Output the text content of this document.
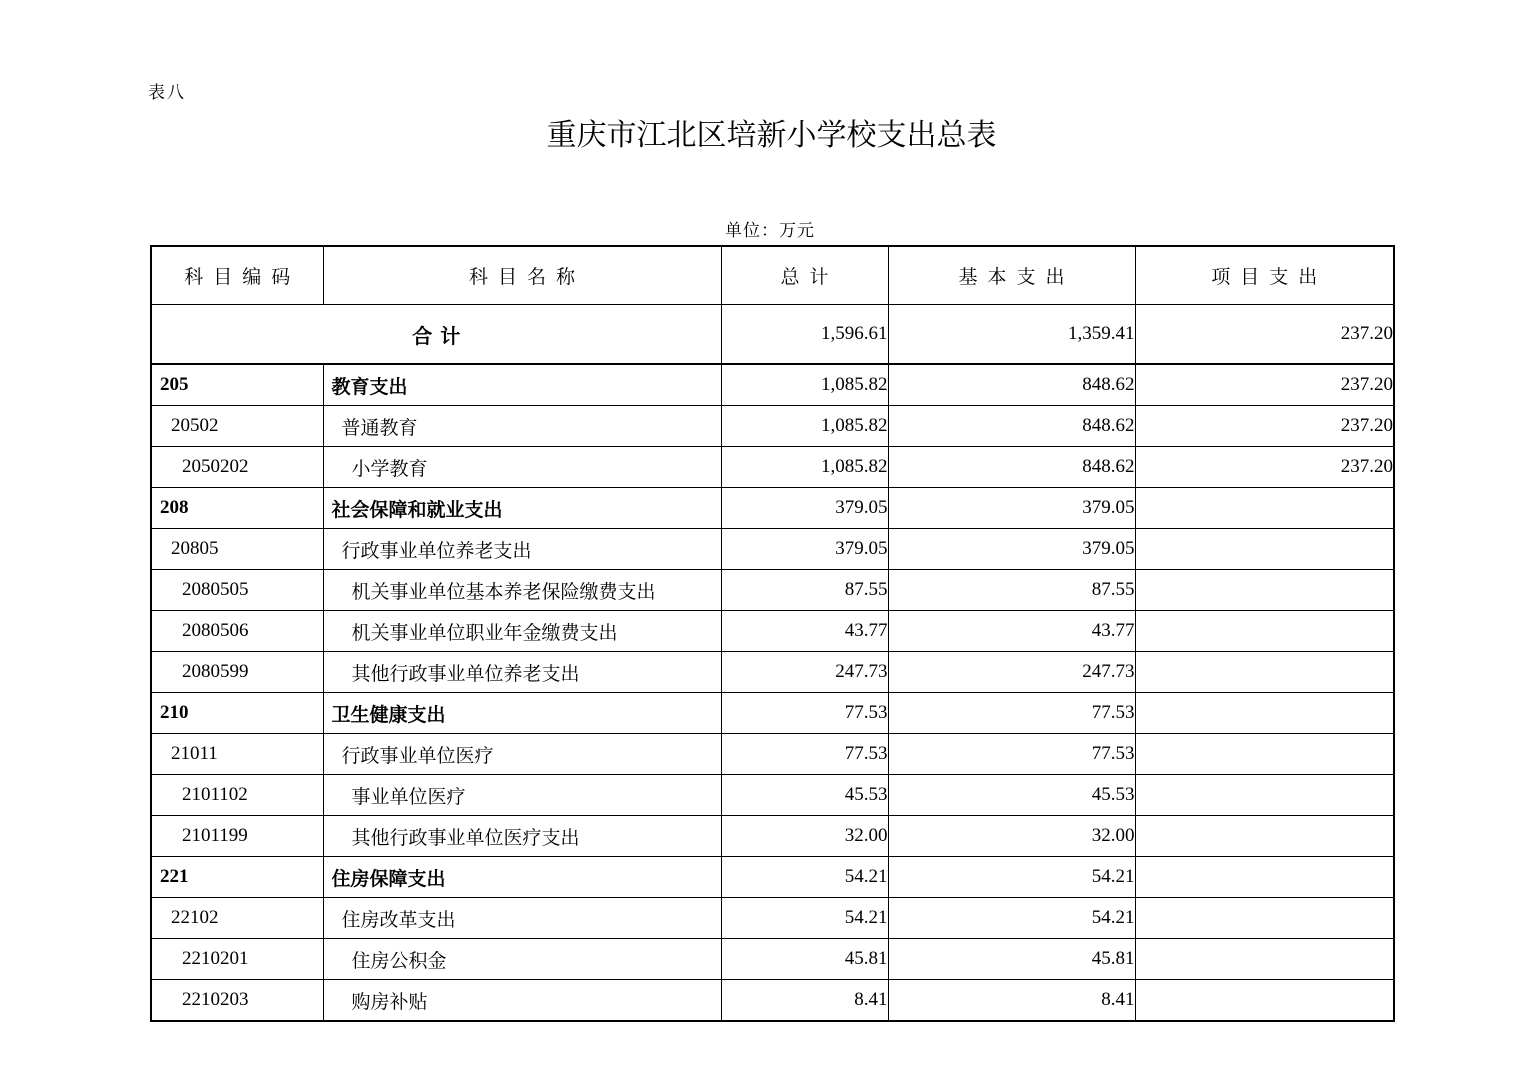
表八
重庆市江北区培新小学校支出总表
单位：万元
科目编码	科目名称	总计	基本支出	项目支出
合计		1,596.61	1,359.41	237.20
205	教育支出	1,085.82	848.62	237.20
20502	普通教育	1,085.82	848.62	237.20
2050202	小学教育	1,085.82	848.62	237.20
208	社会保障和就业支出	379.05	379.05	
20805	行政事业单位养老支出	379.05	379.05	
2080505	机关事业单位基本养老保险缴费支出	87.55	87.55	
2080506	机关事业单位职业年金缴费支出	43.77	43.77	
2080599	其他行政事业单位养老支出	247.73	247.73	
210	卫生健康支出	77.53	77.53	
21011	行政事业单位医疗	77.53	77.53	
2101102	事业单位医疗	45.53	45.53	
2101199	其他行政事业单位医疗支出	32.00	32.00	
221	住房保障支出	54.21	54.21	
22102	住房改革支出	54.21	54.21	
2210201	住房公积金	45.81	45.81	
2210203	购房补贴	8.41	8.41	
